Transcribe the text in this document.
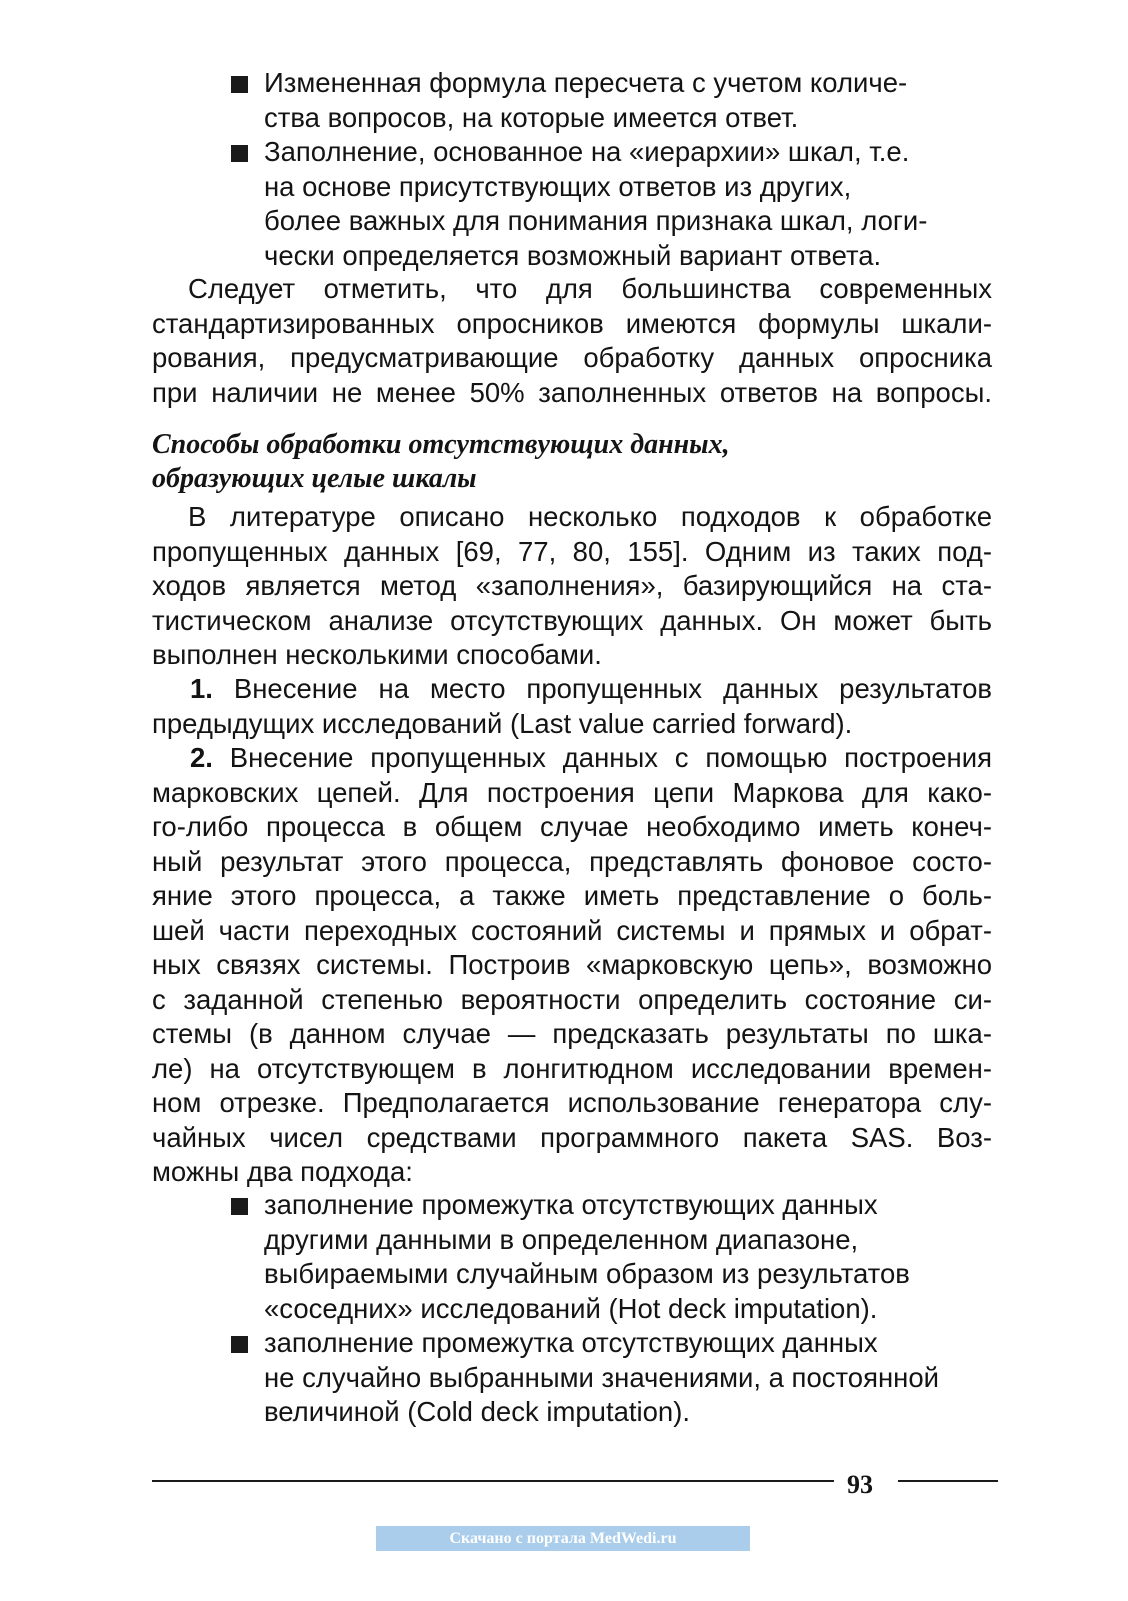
Измененная формула пересчета с учетом количе-
ства вопросов, на которые имеется ответ.
Заполнение, основанное на «иерархии» шкал, т.е.
на основе присутствующих ответов из других,
более важных для понимания признака шкал, логи-
чески определяется возможный вариант ответа.
Следует отметить, что для большинства современных
стандартизированных опросников имеются формулы шкали-
рования, предусматривающие обработку данных опросника
при наличии не менее 50% заполненных ответов на вопросы.
Способы обработки отсутствующих данных,
образующих целые шкалы
В литературе описано несколько подходов к обработке
пропущенных данных [69, 77, 80, 155]. Одним из таких под-
ходов является метод «заполнения», базирующийся на ста-
тистическом анализе отсутствующих данных. Он может быть
выполнен несколькими способами.
1. Внесение на место пропущенных данных результатов
предыдущих исследований (Last value carried forward).
2. Внесение пропущенных данных с помощью построения
марковских цепей. Для построения цепи Маркова для како-
го-либо процесса в общем случае необходимо иметь конеч-
ный результат этого процесса, представлять фоновое состо-
яние этого процесса, а также иметь представление о боль-
шей части переходных состояний системы и прямых и обрат-
ных связях системы. Построив «марковскую цепь», возможно
с заданной степенью вероятности определить состояние си-
стемы (в данном случае — предсказать результаты по шка-
ле) на отсутствующем в лонгитюдном исследовании времен-
ном отрезке. Предполагается использование генератора слу-
чайных чисел средствами программного пакета SAS. Воз-
можны два подхода:
заполнение промежутка отсутствующих данных
другими данными в определенном диапазоне,
выбираемыми случайным образом из результатов
«соседних» исследований (Hot deck imputation).
заполнение промежутка отсутствующих данных
не случайно выбранными значениями, а постоянной
величиной (Cold deck imputation).
93
Скачано с портала MedWedi.ru
